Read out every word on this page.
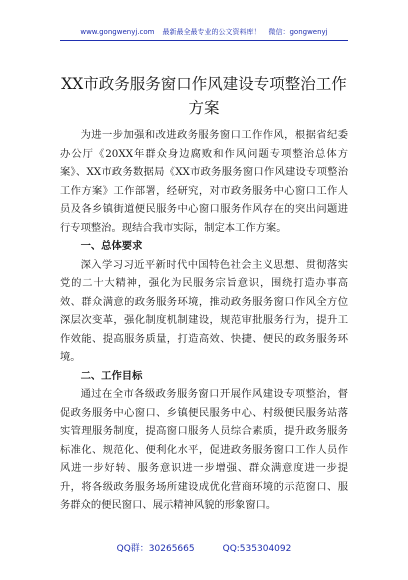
www.gongwenyj.com 最新最全最专业的公文资料库！ 微信：gongwenyj
XX市政务服务窗口作风建设专项整治工作方案

为进一步加强和改进政务服务窗口工作作风，根据省纪委办公厅《20XX年群众身边腐败和作风问题专项整治总体方案》、XX市政务数据局《XX市政务服务窗口作风建设专项整治工作方案》工作部署，经研究，对市政务服务中心窗口工作人员及各乡镇街道便民服务中心窗口服务作风存在的突出问题进行专项整治。现结合我市实际，制定本工作方案。

一、总体要求

深入学习习近平新时代中国特色社会主义思想、贯彻落实党的二十大精神，强化为民服务宗旨意识，围绕打造办事高效、群众满意的政务服务环境，推动政务服务窗口作风全方位深层次变革，强化制度机制建设，规范审批服务行为，提升工作效能、提高服务质量，打造高效、快捷、便民的政务服务环境。

二、工作目标

通过在全市各级政务服务窗口开展作风建设专项整治，督促政务服务中心窗口、乡镇便民服务中心、村级便民服务站落实管理服务制度，提高窗口服务人员综合素质，提升政务服务标准化、规范化、便利化水平，促进政务服务窗口工作人员作风进一步好转、服务意识进一步增强、群众满意度进一步提升，将各级政务服务场所建设成优化营商环境的示范窗口、服务群众的便民窗口、展示精神风貌的形象窗口。

QQ群：30265665	QQ:535304092
